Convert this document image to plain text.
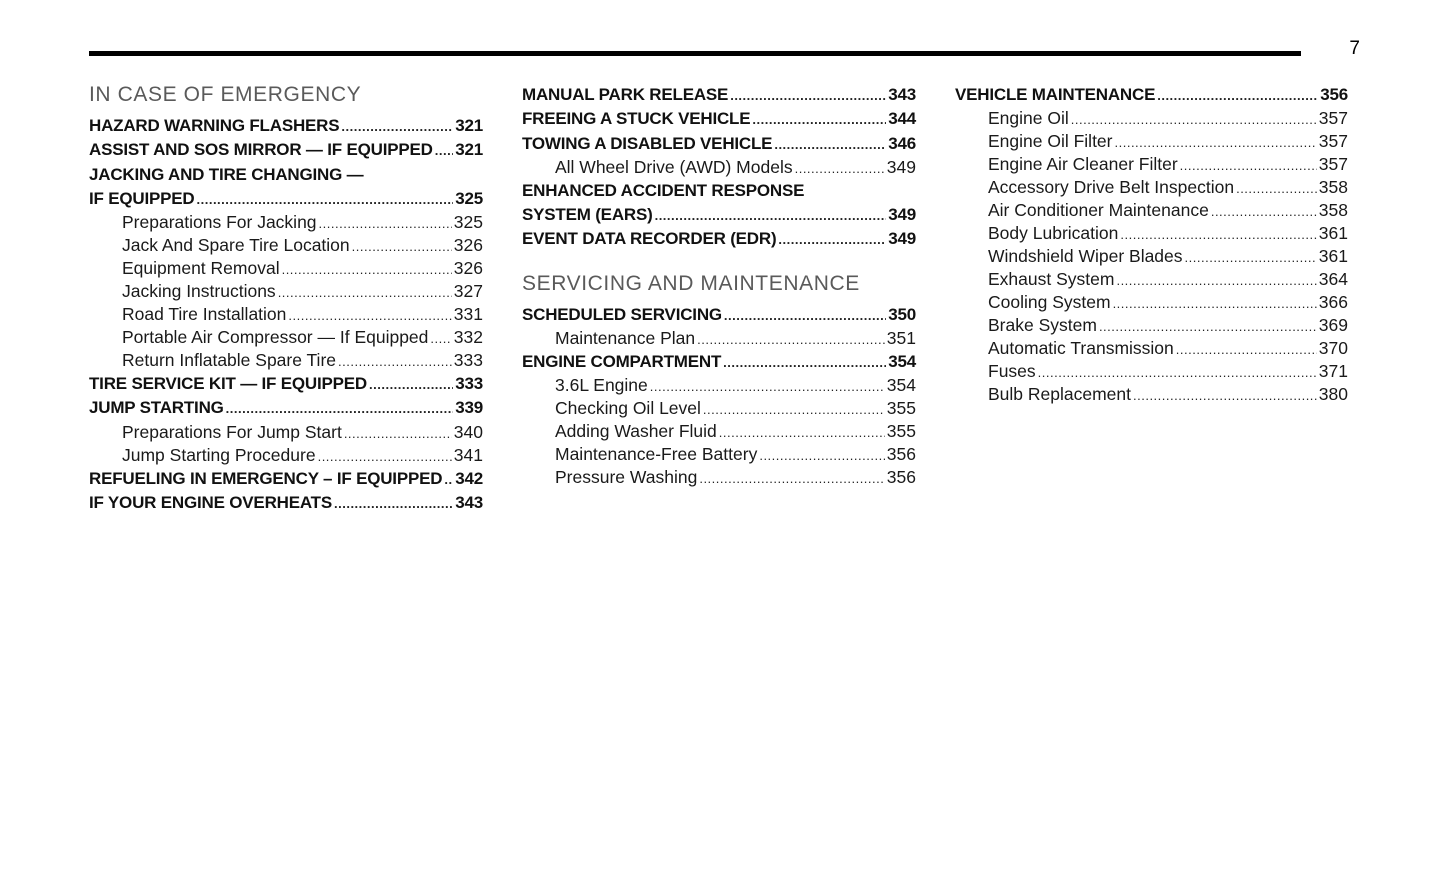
7
IN CASE OF EMERGENCY
HAZARD WARNING FLASHERS .....	321
ASSIST AND SOS MIRROR — IF EQUIPPED ..... 321
JACKING AND TIRE CHANGING —
IF EQUIPPED .....	325
Preparations For Jacking .....	325
Jack And Spare Tire Location .....	326
Equipment Removal .....	326
Jacking Instructions .....	327
Road Tire Installation .....	331
Portable Air Compressor — If Equipped ..... 332
Return Inflatable Spare Tire .....	333
TIRE SERVICE KIT — IF EQUIPPED .....	333
JUMP STARTING .....	339
Preparations For Jump Start .....	340
Jump Starting Procedure .....	341
REFUELING IN EMERGENCY – IF EQUIPPED ..... 342
IF YOUR ENGINE OVERHEATS .....	343
MANUAL PARK RELEASE .....	343
FREEING A STUCK VEHICLE .....	344
TOWING A DISABLED VEHICLE .....	346
All Wheel Drive (AWD) Models .....	349
ENHANCED ACCIDENT RESPONSE
SYSTEM (EARS) .....	349
EVENT DATA RECORDER (EDR) .....	349
SERVICING AND MAINTENANCE
SCHEDULED SERVICING .....	350
Maintenance Plan .....	351
ENGINE COMPARTMENT .....	354
3.6L Engine .....	354
Checking Oil Level .....	355
Adding Washer Fluid .....	355
Maintenance-Free Battery .....	356
Pressure Washing .....	356
VEHICLE MAINTENANCE .....	356
Engine Oil .....	357
Engine Oil Filter .....	357
Engine Air Cleaner Filter .....	357
Accessory Drive Belt Inspection .....	358
Air Conditioner Maintenance .....	358
Body Lubrication .....	361
Windshield Wiper Blades .....	361
Exhaust System .....	364
Cooling System .....	366
Brake System .....	369
Automatic Transmission .....	370
Fuses .....	371
Bulb Replacement .....	380
